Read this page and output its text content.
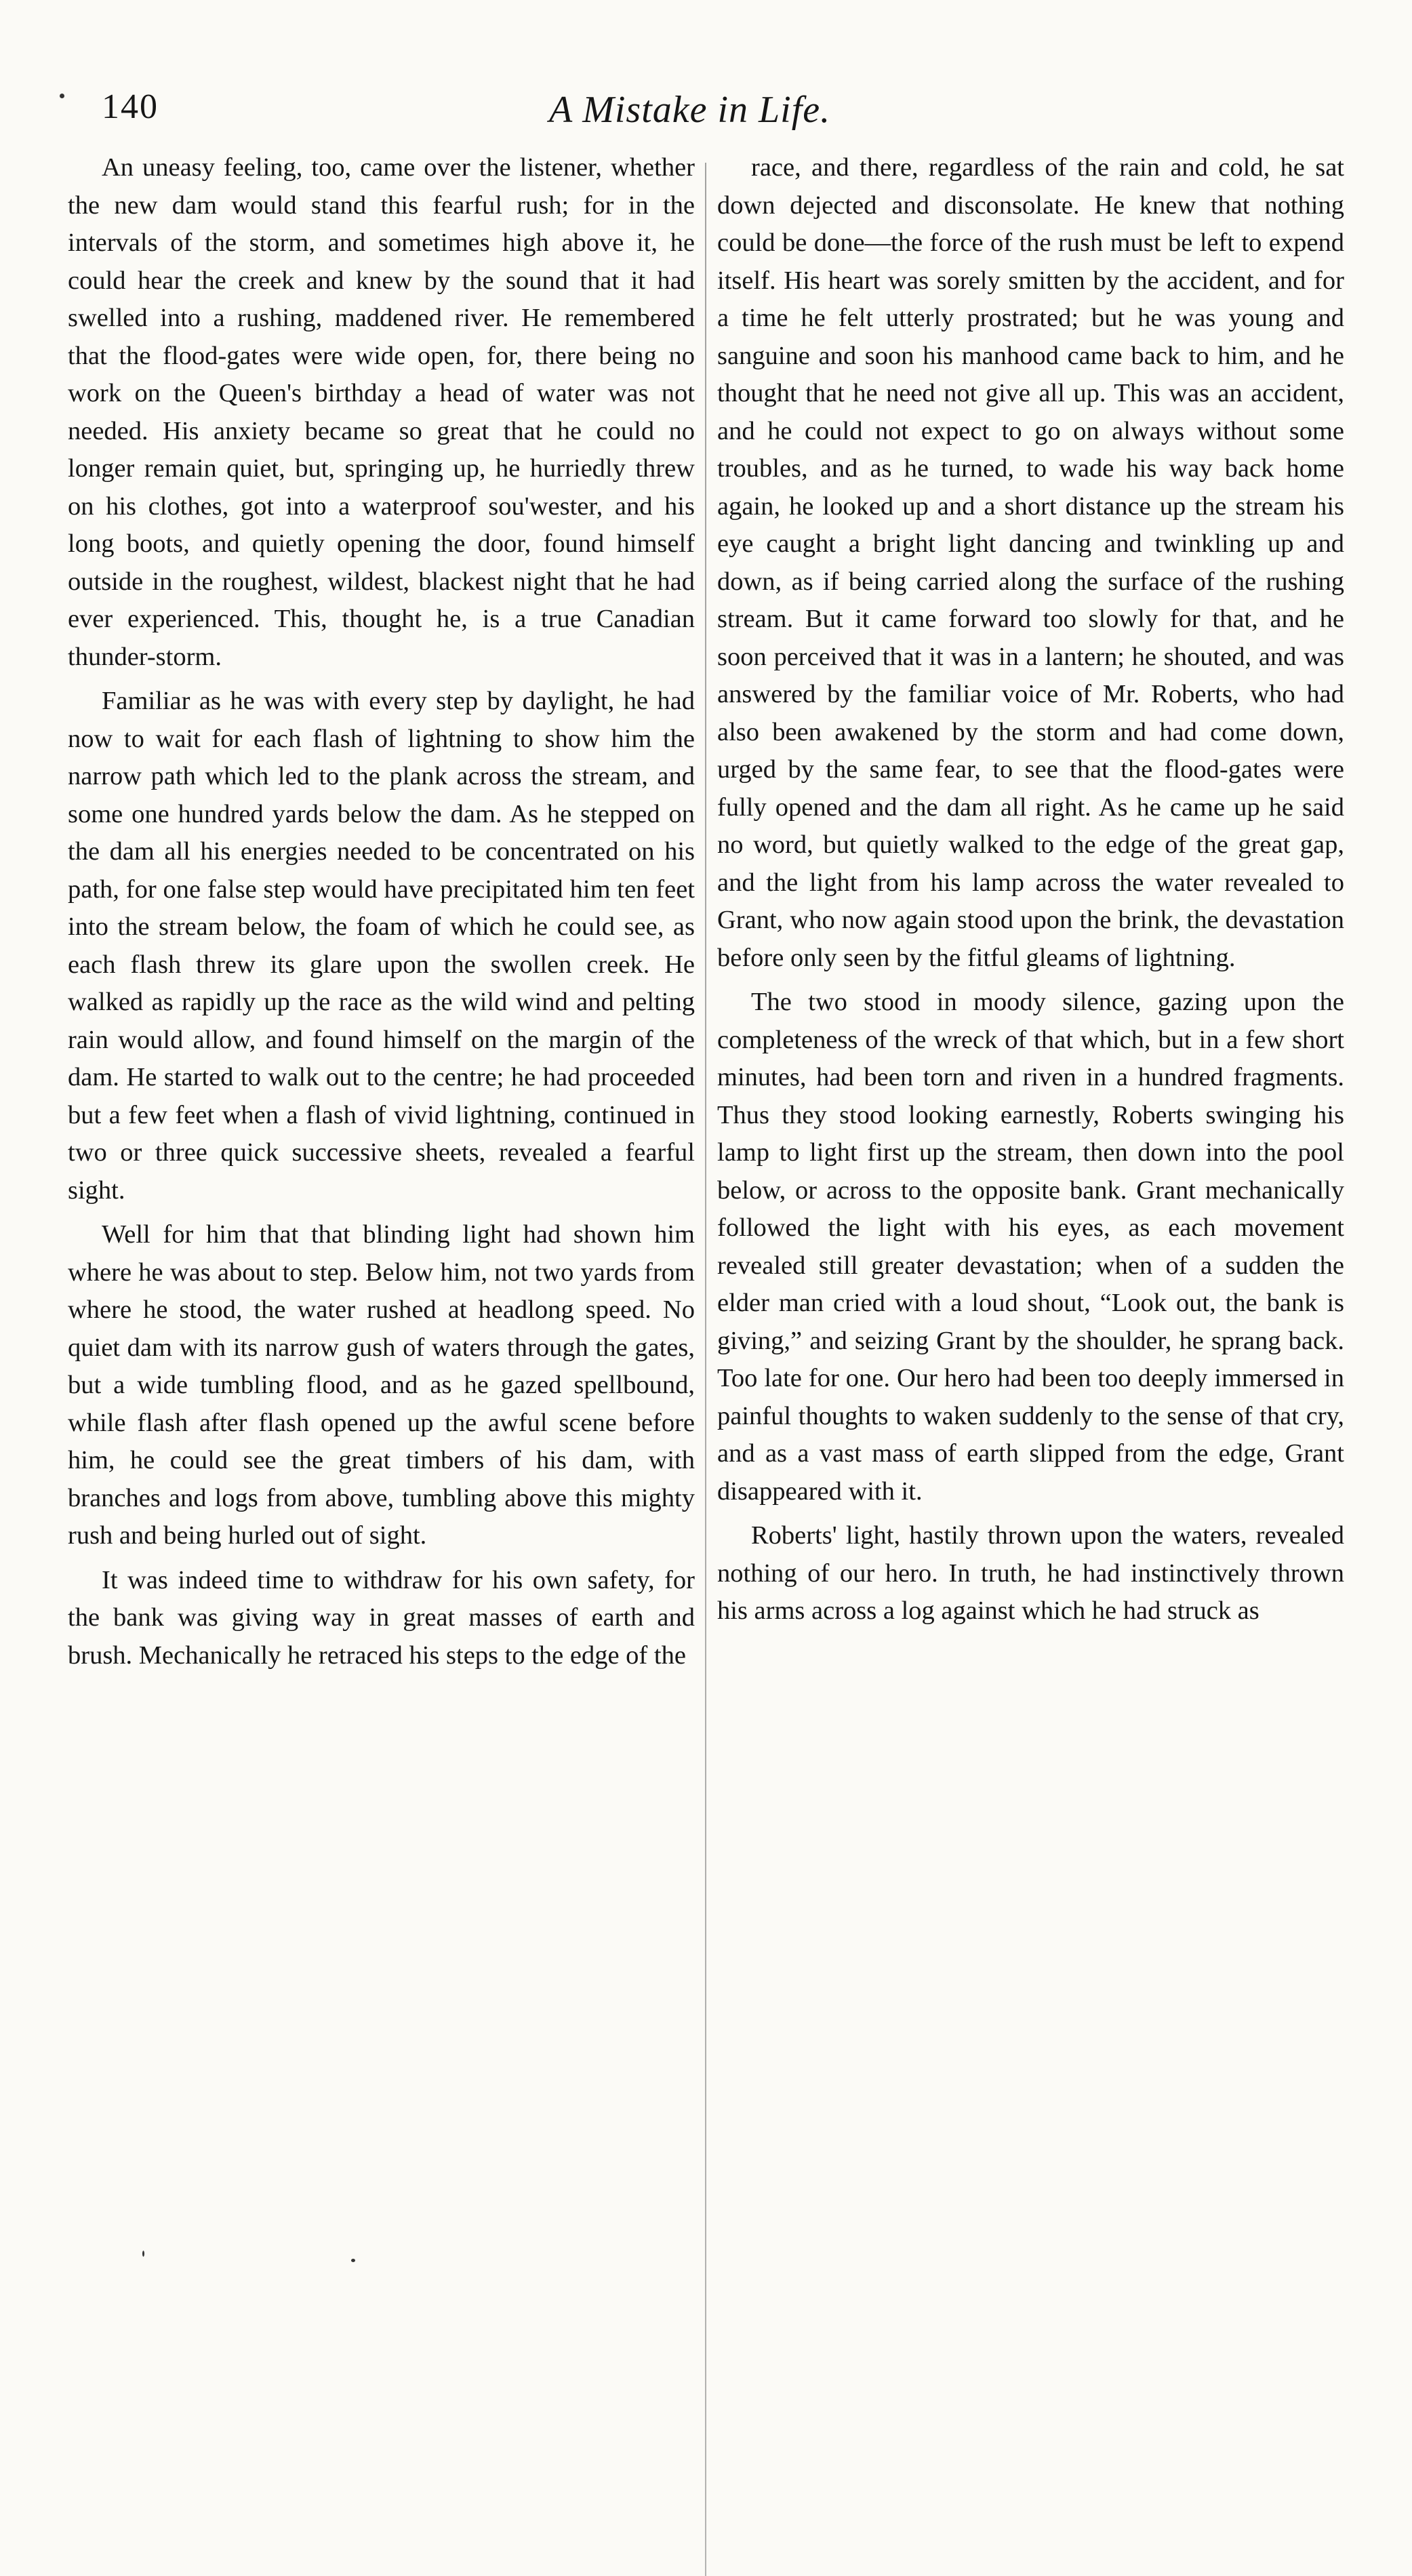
140	A Mistake in Life.

An uneasy feeling, too, came over the listener, whether the new dam would stand this fearful rush; for in the intervals of the storm, and sometimes high above it, he could hear the creek and knew by the sound that it had swelled into a rushing, maddened river. He remembered that the flood-gates were wide open, for, there being no work on the Queen's birthday a head of water was not needed. His anxiety became so great that he could no longer remain quiet, but, springing up, he hurriedly threw on his clothes, got into a waterproof sou'wester, and his long boots, and quietly opening the door, found himself outside in the roughest, wildest, blackest night that he had ever experienced. This, thought he, is a true Canadian thunder-storm.

Familiar as he was with every step by daylight, he had now to wait for each flash of lightning to show him the narrow path which led to the plank across the stream, and some one hundred yards below the dam. As he stepped on the dam all his energies needed to be concentrated on his path, for one false step would have precipitated him ten feet into the stream below, the foam of which he could see, as each flash threw its glare upon the swollen creek. He walked as rapidly up the race as the wild wind and pelting rain would allow, and found himself on the margin of the dam. He started to walk out to the centre; he had proceeded but a few feet when a flash of vivid lightning, continued in two or three quick successive sheets, revealed a fearful sight.

Well for him that that blinding light had shown him where he was about to step. Below him, not two yards from where he stood, the water rushed at headlong speed. No quiet dam with its narrow gush of waters through the gates, but a wide tumbling flood, and as he gazed spellbound, while flash after flash opened up the awful scene before him, he could see the great timbers of his dam, with branches and logs from above, tumbling above this mighty rush and being hurled out of sight.

It was indeed time to withdraw for his own safety, for the bank was giving way in great masses of earth and brush. Mechanically he retraced his steps to the edge of the

race, and there, regardless of the rain and cold, he sat down dejected and disconsolate. He knew that nothing could be done—the force of the rush must be left to expend itself. His heart was sorely smitten by the accident, and for a time he felt utterly prostrated; but he was young and sanguine and soon his manhood came back to him, and he thought that he need not give all up. This was an accident, and he could not expect to go on always without some troubles, and as he turned, to wade his way back home again, he looked up and a short distance up the stream his eye caught a bright light dancing and twinkling up and down, as if being carried along the surface of the rushing stream. But it came forward too slowly for that, and he soon perceived that it was in a lantern; he shouted, and was answered by the familiar voice of Mr. Roberts, who had also been awakened by the storm and had come down, urged by the same fear, to see that the flood-gates were fully opened and the dam all right. As he came up he said no word, but quietly walked to the edge of the great gap, and the light from his lamp across the water revealed to Grant, who now again stood upon the brink, the devastation before only seen by the fitful gleams of lightning.

The two stood in moody silence, gazing upon the completeness of the wreck of that which, but in a few short minutes, had been torn and riven in a hundred fragments. Thus they stood looking earnestly, Roberts swinging his lamp to light first up the stream, then down into the pool below, or across to the opposite bank. Grant mechanically followed the light with his eyes, as each movement revealed still greater devastation; when of a sudden the elder man cried with a loud shout, “Look out, the bank is giving,” and seizing Grant by the shoulder, he sprang back. Too late for one. Our hero had been too deeply immersed in painful thoughts to waken suddenly to the sense of that cry, and as a vast mass of earth slipped from the edge, Grant disappeared with it.

Roberts' light, hastily thrown upon the waters, revealed nothing of our hero. In truth, he had instinctively thrown his arms across a log against which he had struck as
